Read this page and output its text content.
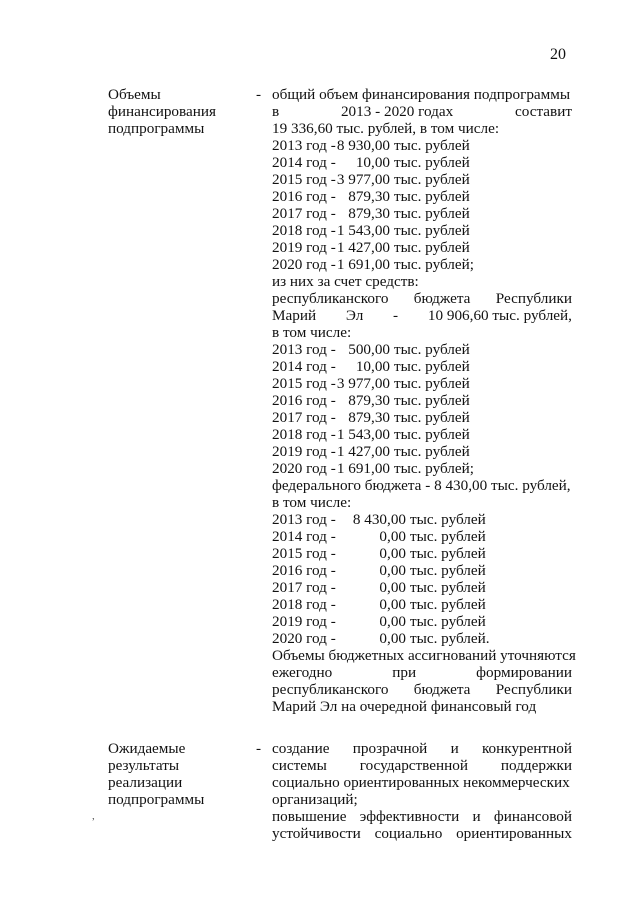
20
Объемы
финансирования
подпрограммы
- общий объем финансирования подпрограммы
в	2013 - 2020 годах	составит
19 336,60 тыс. рублей, в том числе:
2013 год - 8 930,00 тыс. рублей
2014 год -	10,00 тыс. рублей
2015 год - 3 977,00 тыс. рублей
2016 год - 879,30 тыс. рублей
2017 год - 879,30 тыс. рублей
2018 год - 1 543,00 тыс. рублей
2019 год - 1 427,00 тыс. рублей
2020 год - 1 691,00 тыс. рублей;
из них за счет средств:
республиканского бюджета Республики
Марий Эл - 10 906,60 тыс. рублей,
в том числе:
2013 год - 500,00 тыс. рублей
2014 год -	10,00 тыс. рублей
2015 год - 3 977,00 тыс. рублей
2016 год - 879,30 тыс. рублей
2017 год - 879,30 тыс. рублей
2018 год - 1 543,00 тыс. рублей
2019 год - 1 427,00 тыс. рублей
2020 год - 1 691,00 тыс. рублей;
федерального бюджета - 8 430,00 тыс. рублей,
в том числе:
2013 год -	8 430,00 тыс. рублей
2014 год -	0,00 тыс. рублей
2015 год -	0,00 тыс. рублей
2016 год -	0,00 тыс. рублей
2017 год -	0,00 тыс. рублей
2018 год -	0,00 тыс. рублей
2019 год -	0,00 тыс. рублей
2020 год -	0,00 тыс. рублей.
Объемы бюджетных ассигнований уточняются
ежегодно	при	формировании
республиканского бюджета Республики
Марий Эл на очередной финансовый год
Ожидаемые
результаты
реализации
подпрограммы
- создание прозрачной и конкурентной
системы государственной поддержки
социально ориентированных некоммерческих
организаций;
повышение эффективности и финансовой
устойчивости социально ориентированных
,
